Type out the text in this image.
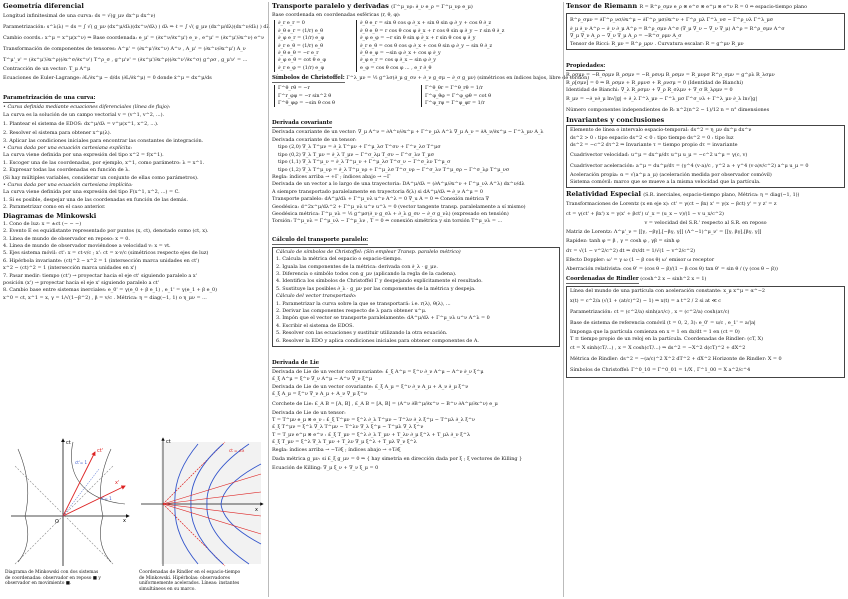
Geometría diferencial
Longitud infinitesimal de una curva: ds = √(g_μν dx^μ dx^ν)
Parametrización: s^λ(λ) = ds = ∫ √( g_μν (dx^μ/dλ)(dx^ν/dλ) ) dλ ⇒ ℓ = ∫ √( g_μν (dx^μ/dλ)(dx^ν/dλ) ) dλ
Cambio coords.: x^μ = x^μ(x^ν) ⇒ Base coordenada: e_μ' = (∂x^ν/∂x^μ') e_ν , e^μ' = (∂x^μ'/∂x^ν) e^ν
Transformación de componentes de tensores: A^μ' = (∂x^μ'/∂x^ν) A^ν , A_μ' = (∂x^ν/∂x^μ') A_ν
T^μ'_ν' = (∂x^μ'/∂x^ρ)(∂x^σ/∂x^ν') T^ρ_σ , g^μ'ν' = (∂x^μ'/∂x^ρ)(∂x^ν'/∂x^σ) g^ρσ , g_μ'ν' = ...
Contracción de un vector: T_μ A^μ
Ecuaciones de Euler-Lagrange: ∂L/∂x^μ − d/ds (∂L/∂ẋ^μ) = 0 donde ẋ^μ = dx^μ/ds
Parametrización de una curva:
• Curva definida mediante ecuaciones diferenciales (línea de flujo):
La curva es la solución de un campo vectorial v = (v^1, v^2, ...).
1. Plantear el sistema de EDOS: dx^μ/dλ = v^μ(x^1, x^2, ...).
2. Resolver el sistema para obtener x^μ(λ).
3. Aplicar las condiciones iniciales para encontrar las constantes de integración.
• Curva dada por una ecuación cartesiana explícita:
La curva viene definida por una expresión del tipo x^2 = f(x^1).
1. Escoger una de las coordenadas, por ejemplo, x^1, como parámetro: λ = x^1.
2. Expresar todas las coordenadas en función de λ.
(Si hay múltiples variables, considerar un conjunto de ellas como parámetros).
• Curva dada por una ecuación cartesiana implícita:
La curva viene definida por una expresión del tipo F(x^1, x^2, ...) = C.
1. Si es posible, despejar una de las coordenadas en función de las demás.
2. Parametrizar como en el caso anterior.
Diagramas de Minkowski
1. Cono de luz: x = ±ct (− − −)
2. Evento E es equidistante representado por puntos (x, ct), denotado como (ct, x).
3. Línea de mundo de observador en reposo: x = 0.
4. Línea de mundo de observador moviéndose a velocidad v: x = vt.
5. Ejes sistema móvil: ct': x = ct·v/c ; x': ct = x·v/c (simétricos respecto ejes de luz)
6. Hipérbola invariante: (ct)^2 − x^2 = 1 (intersección marca unidades en ct')
x^2 − (ct)^2 = 1 (intersección marca unidades en x')
7. Pasar medir: tiempo (ct') → proyectar hacia el eje ct' siguiendo paralelo a x'
posición (x') → proyectar hacia el eje x' siguiendo paralelo a ct'
8. Cambio base entre sistemas inerciales: e_0' = γ(e_0 + β e_1) , e_1' = γ(e_1 + β e_0)
x^0 = ct, x^1 = x, γ = 1/√(1−β^2) , β = v/c . Métrica: η = diag(−1, 1) o η_μν = ...
ct
x
O
x'
ct'
ct'= 1
x'= 1
ct
x
ct = ±x
Diagrama de Minkowski con dos sistemas
de coordenadas: observador en reposo ■ y
observador en movimiento ■.
Coordenadas de Rindler en el espacio-tiempo
de Minkowski. Hipérbolas: observadores
uniformemente acelerados. Líneas: instantes
simultáneos en su marco.
Transporte paralelo y derivadas (Γ^μ_νρ: ∂_ν e_ρ = Γ^μ_νρ e_μ)
Base coordenada en coordenadas esféricas (r, θ, φ):
∂_r e_r = 0
∂_θ e_r = (1/r) e_θ
∂_φ e_r = (1/r) e_φ
∂_r e_θ = (1/r) e_θ
∂_θ e_θ = −r e_r
∂_φ e_θ = cot θ e_φ
∂_r e_φ = (1/r) e_φ
∂_θ e_r = sin θ cos φ ∂_x + sin θ sin φ ∂_y + cos θ ∂_z
∂_θ e_θ = r cos θ cos φ ∂_x + r cos θ sin φ ∂_y − r sin θ ∂_z
∂_φ e_φ = −r sin θ sin φ ∂_x + r sin θ cos φ ∂_y
∂_r e_θ = cos θ cos φ ∂_x + cos θ sin φ ∂_y − sin θ ∂_z
∂_θ e_φ = −sin φ ∂_x + cos φ ∂_y
∂_φ e_r = cos φ ∂_x − sin φ ∂_y
e_φ = cos θ cos φ ... , e_r ∂_θ
Símbolos de Christoffel: Γ^λ_μν = ½ g^λσ(∂_μ g_σν + ∂_ν g_σμ − ∂_σ g_μν) (simétricos en índices bajos, libre de torsión)
Γ^θ_rθ = −r
Γ^r_φφ = −r sin^2 θ
Γ^θ_φφ = −sin θ cos θ
Γ^θ_θr = Γ^θ_rθ = 1/r
Γ^φ_θφ = Γ^φ_φθ = cot θ
Γ^φ_rφ = Γ^φ_φr = 1/r
Derivada covariante
Derivada covariante de un vector: ∇_μ A^ν = ∂A^ν/∂x^μ + Γ^ν_μλ A^λ ∇_μ A_ν = ∂A_ν/∂x^μ − Γ^λ_μν A_λ
Derivada covariante de un tensor:
tipo (2,0) ∇_λ T^μν = ∂_λ T^μν + Γ^μ_λσ T^σν + Γ^ν_λσ T^μσ
tipo (0,2) ∇_λ T_μν = ∂_λ T_μν − Γ^σ_λμ T_σν − Γ^σ_λν T_μσ
tipo (1,1) ∇_λ T^μ_ν = ∂_λ T^μ_ν + Γ^μ_λσ T^σ_ν − Γ^σ_λν T^μ_σ
tipo (1,2) ∇_λ T^μ_νρ = ∂_λ T^μ_νρ + Γ^μ_λσ T^σ_νρ − Γ^σ_λν T^μ_σρ − Γ^σ_λρ T^μ_νσ
Regla: índices arriba → +Γ ; índices abajo → −Γ
Derivada de un vector a lo largo de una trayectoria: DA^μ/dλ = (∂A^μ/∂x^ν + Γ^μ_νλ A^λ) dx^ν/dλ
A siempre transportado paralelamente en trayectoria δ(λ) si dA^μ/dλ ⇒ ∂_ν A^μ = 0
Transporte paralelo: dA^μ/dλ + Γ^μ_νλ u^ν A^λ = 0 ∇_u A = 0 ⇒ Conexión métrica ∇
Geodésica: d^2x^μ/dλ^2 + Γ^μ_νλ u^ν u^λ = 0 (vector tangente transp. paralelamente a sí mismo)
Geodésica métrica: Γ^μ_νλ = ½ g^μσ(∂_ν g_σλ + ∂_λ g_σν − ∂_σ g_νλ) (expresado en tensión)
Torsión: T^μ_νλ = Γ^μ_νλ − Γ^μ_λν , T = 0 ⇔ conexión simétrica y sin torsión T^μ_νλ = ...
Cálculo del transporte paralelo:
Cálculo de símbolos de Christoffel: (Sin emplear Transp. paralelo métrico)
1. Calcula la métrica del espacio o espacio-tiempo.
2. Iguala las componentes de la métrica: derivada con ∂_λ · g_μν.
3. Diferencia o simbólo todos con g_μν (aplicando la regla de la cadena).
4. Identifica los símbolos de Christoffel Γ y despejando explícitamente el resultado.
5. Sustituye las posibles ∂_λ · g_μν por las componentes de la métrica y despeja.
Cálculo del vector transportado:
1. Parametrizar la curva sobre la que se transportará: i.e. r(λ), θ(λ), ...
2. Derivar las componentes respecto de λ para obtener u^μ.
3. Impón que el vector se transporte paralelamente: dA^μ/dλ + Γ^μ_νλ u^ν A^λ = 0
4. Escribir el sistema de EDOS.
5. Resolver con las ecuaciones y sustituir utilizando la otra ecuación.
6. Resolver la EDO y aplica condiciones iniciales para obtener componentes de A.
Derivada de Lie
Derivada de Lie de un vector contravariante: £_ξ A^μ = ξ^ν ∂_ν A^μ − A^ν ∂_ν ξ^μ
£_ξ A^μ = ξ^ν ∇_ν A^μ − A^ν ∇_ν ξ^μ
Derivada de Lie de un vector covariante: £_ξ A_μ = ξ^ν ∂_ν A_μ + A_ν ∂_μ ξ^ν
£_ξ A_μ = ξ^ν ∇_ν A_μ + A_ν ∇_μ ξ^ν
Corchete de Lie: £_A B = [A, B] , £_A B = [A, B] = (A^ν ∂B^μ/∂x^ν − B^ν ∂A^μ/∂x^ν) e_μ
Derivada de Lie de un tensor:
T = T^μν e_μ ⊗ e_ν : £_ξ T^μν = ξ^λ ∂_λ T^μν − T^λν ∂_λ ξ^μ − T^μλ ∂_λ ξ^ν
£_ξ T^μν = ξ^λ ∇_λ T^μν − T^λν ∇_λ ξ^μ − T^μλ ∇_λ ξ^ν
T = T_μν e^μ ⊗ e^ν : £_ξ T_μν = ξ^λ ∂_λ T_μν + T_λν ∂_μ ξ^λ + T_μλ ∂_ν ξ^λ
£_ξ T_μν = ξ^λ ∇_λ T_μν + T_λν ∇_μ ξ^λ + T_μλ ∇_ν ξ^λ
Regla: índices arriba → −T∂ξ ; índices abajo → +T∂ξ
Dada métrica g_μν: si £_ξ g_μν = 0 ⇒ { hay simetría en dirección dada por ξ ; ξ vectores de Killing }
Ecuación de Killing: ∇_μ ξ_ν + ∇_ν ξ_μ = 0
Tensor de Riemann R = R^ρ_σμν e_ρ ⊗ e^σ ⊗ e^μ ⊗ e^ν R = 0 ⇔ espacio-tiempo plano
R^ρ_σμν = ∂Γ^ρ_νσ/∂x^μ − ∂Γ^ρ_μσ/∂x^ν + Γ^ρ_μλ Γ^λ_νσ − Γ^ρ_νλ Γ^λ_μσ
∂_μ ∂_ν A^ρ − ∂_ν ∂_μ A^ρ = R^ρ_σμν A^σ (∇_μ ∇_ν − ∇_ν ∇_μ) A^ρ = R^ρ_σμν A^σ
∇_μ ∇_ν A_ρ − ∇_ν ∇_μ A_ρ = −R^σ_ρμν A_σ
Tensor de Ricci: R_μν = R^ρ_μρν . Curvatura escalar: R = g^μν R_μν
Propiedades:
R_ρσμν = −R_σρμν R_ρσμν = −R_ρσνμ R_ρσμν = R_μνρσ R^ρ_σμν = g^ρλ R_λσμν
R_ρ[σμν] = 0 ⇒ R_ρσμν + R_ρμνσ + R_ρνσμ = 0 (Identidad de Bianchi)
Identidad de Bianchi: ∇_λ R_ρσμν + ∇_ρ R_σλμν + ∇_σ R_λρμν = 0
R_μν = −∂_ν∂_μ ln√|g| + ∂_λ Γ^λ_μν − Γ^λ_μσ Γ^σ_νλ + Γ^λ_μν ∂_λ ln√|g|
Número componentes independientes de R: n^2(n^2 − 1)/12 n = n° dimensiones
Invariantes y conclusiones
Elemento de línea o intervalo espacio-temporal: ds^2 = η_μν dx^μ dx^ν
ds^2 > 0 : tipo espacio ds^2 < 0 : tipo tiempo ds^2 = 0 : tipo luz
ds^2 = −c^2 dτ^2 ⇒ Invariante τ = tiempo propio dτ = invariante
Cuadrivector velocidad: u^μ = dx^μ/dτ u^μ u_μ = −c^2 u^μ = γ(c, v)
Cuadrivector aceleración: a^μ = du^μ/dτ = (γ^4 (v·a)/c , γ^2 a + γ^4 (v·a)v/c^2) a^μ u_μ = 0
Aceleración propia: α = √(a^μ a_μ) (aceleración medida por observador comóvil)
Sistema comóvil: marco que se mueve a la misma velocidad que la partícula.
Relatividad Especial (S.R. inerciales, espacio-tiempo plano, Métrica: η = diag(−1, 1))
Transformaciones de Lorentz (x en eje x): ct' = γ(ct − βx) x' = γ(x − βct) y' = y z' = z
ct = γ(ct' + βx') x = γ(x' + βct') u'_x = (u_x − v)/(1 − v u_x/c^2)
v = velocidad del S.R.' respecto al S.R. en reposo
Matriz de Lorentz: Λ^μ'_ν = [[γ, −βγ],[−βγ, γ]] (Λ^−1)^μ_ν' = [[γ, βγ],[βγ, γ]]
Rapidez: tanh φ = β , γ = cosh φ , γβ = sinh φ
dτ = √(1 − v^2/c^2) dt ⇒ dτ/dt = 1/√(1 − v^2/c^2)
Efecto Doppler: ω' = γ ω (1 − β cos θ) ω' emisor ω receptor
Aberración relativista: cos θ' = (cos θ − β)/(1 − β cos θ) tan θ' = sin θ / (γ (cos θ − β))
Coordenadas de Rindler (cosh^2 x − sinh^2 x = 1)
Línea del mundo de una partícula con aceleración constante: x_μ x^μ = α^−2
x(t) = c^2/a (√(1 + (at/c)^2) − 1) ⇒ x(t) = a t^2 / 2 si at ≪ c
Parametrización: ct = (c^2/a) sinh(aτ/c) , x = (c^2/a) cosh(aτ/c)
Base de sistema de referencia comóvil (t = 0, 2, 3): e_0' = u/c , e_1' = a/|a|
Imponga que la partícula comienza en x = 1 en dx/dt = 1 en (ct = 0)
T ≡ tiempo propio de un reloj en la partícula. Coordenadas de Rindler: (cT, X)
ct = X sinh(cT/...) , x = X cosh(cT/...) ⇒ ds^2 = −X^2 d(cT)^2 + dX^2
Métrica de Rindler: ds^2 = −(a/c)^2 X^2 dT^2 + dX^2 Horizonte de Rindler: X = 0
Símbolos de Christoffel: Γ^0_10 = Γ^0_01 = 1/X , Γ^1_00 = X a^2/c^4
